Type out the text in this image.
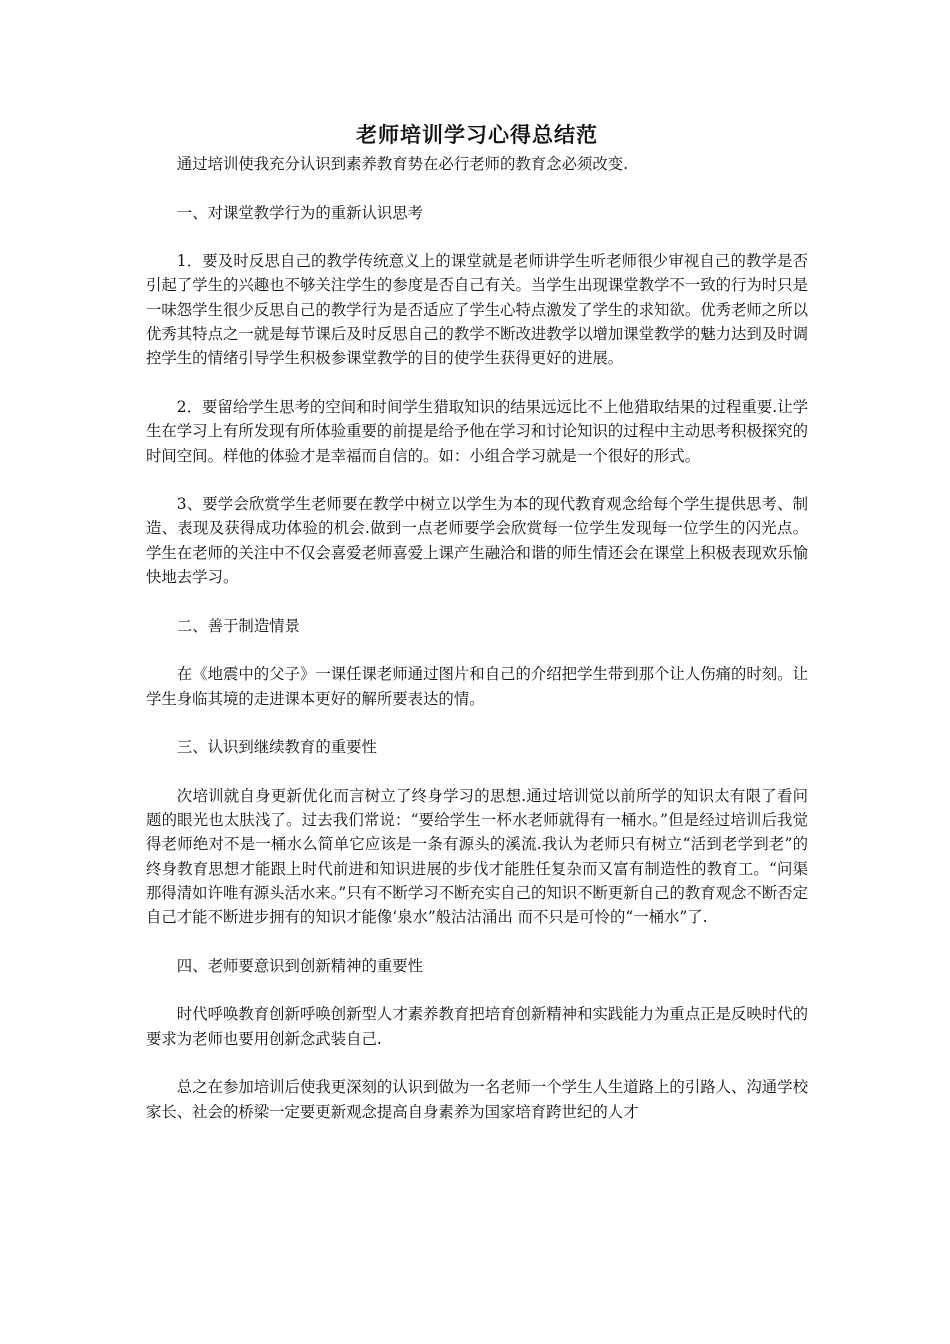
老师培训学习心得总结范

通过培训使我充分认识到素养教育势在必行老师的教育念必须改变.

一、对课堂教学行为的重新认识思考

1．要及时反思自己的教学传统意义上的课堂就是老师讲学生听老师很少审视自己的教学是否引起了学生的兴趣也不够关注学生的参度是否自己有关。当学生出现课堂教学不一致的行为时只是一味怨学生很少反思自己的教学行为是否适应了学生心特点激发了学生的求知欲。优秀老师之所以优秀其特点之一就是每节课后及时反思自己的教学不断改进教学以增加课堂教学的魅力达到及时调控学生的情绪引导学生积极参课堂教学的目的使学生获得更好的进展。

2．要留给学生思考的空间和时间学生猎取知识的结果远远比不上他猎取结果的过程重要.让学生在学习上有所发现有所体验重要的前提是给予他在学习和讨论知识的过程中主动思考积极探究的时间空间。样他的体验才是幸福而自信的。如：小组合学习就是一个很好的形式。

3、要学会欣赏学生老师要在教学中树立以学生为本的现代教育观念给每个学生提供思考、制造、表现及获得成功体验的机会.做到一点老师要学会欣赏每一位学生发现每一位学生的闪光点。学生在老师的关注中不仅会喜爱老师喜爱上课产生融洽和谐的师生情还会在课堂上积极表现欢乐愉快地去学习。

二、善于制造情景

在《地震中的父子》一课任课老师通过图片和自己的介绍把学生带到那个让人伤痛的时刻。让学生身临其境的走进课本更好的解所要表达的情。

三、认识到继续教育的重要性

次培训就自身更新优化而言树立了终身学习的思想.通过培训觉以前所学的知识太有限了看问题的眼光也太肤浅了。过去我们常说：“要给学生一杯水老师就得有一桶水。”但是经过培训后我觉得老师绝对不是一桶水么简单它应该是一条有源头的溪流.我认为老师只有树立“活到老学到老”的终身教育思想才能跟上时代前进和知识进展的步伐才能胜任复杂而又富有制造性的教育工。“问渠那得清如许唯有源头活水来。”只有不断学习不断充实自己的知识不断更新自己的教育观念不断否定自己才能不断进步拥有的知识才能像‘泉水”般沽沽涌出 而不只是可怜的“一桶水”了.

四、老师要意识到创新精神的重要性

时代呼唤教育创新呼唤创新型人才素养教育把培育创新精神和实践能力为重点正是反映时代的要求为老师也要用创新念武装自己.

总之在参加培训后使我更深刻的认识到做为一名老师一个学生人生道路上的引路人、沟通学校家长、社会的桥梁一定要更新观念提高自身素养为国家培育跨世纪的人才
